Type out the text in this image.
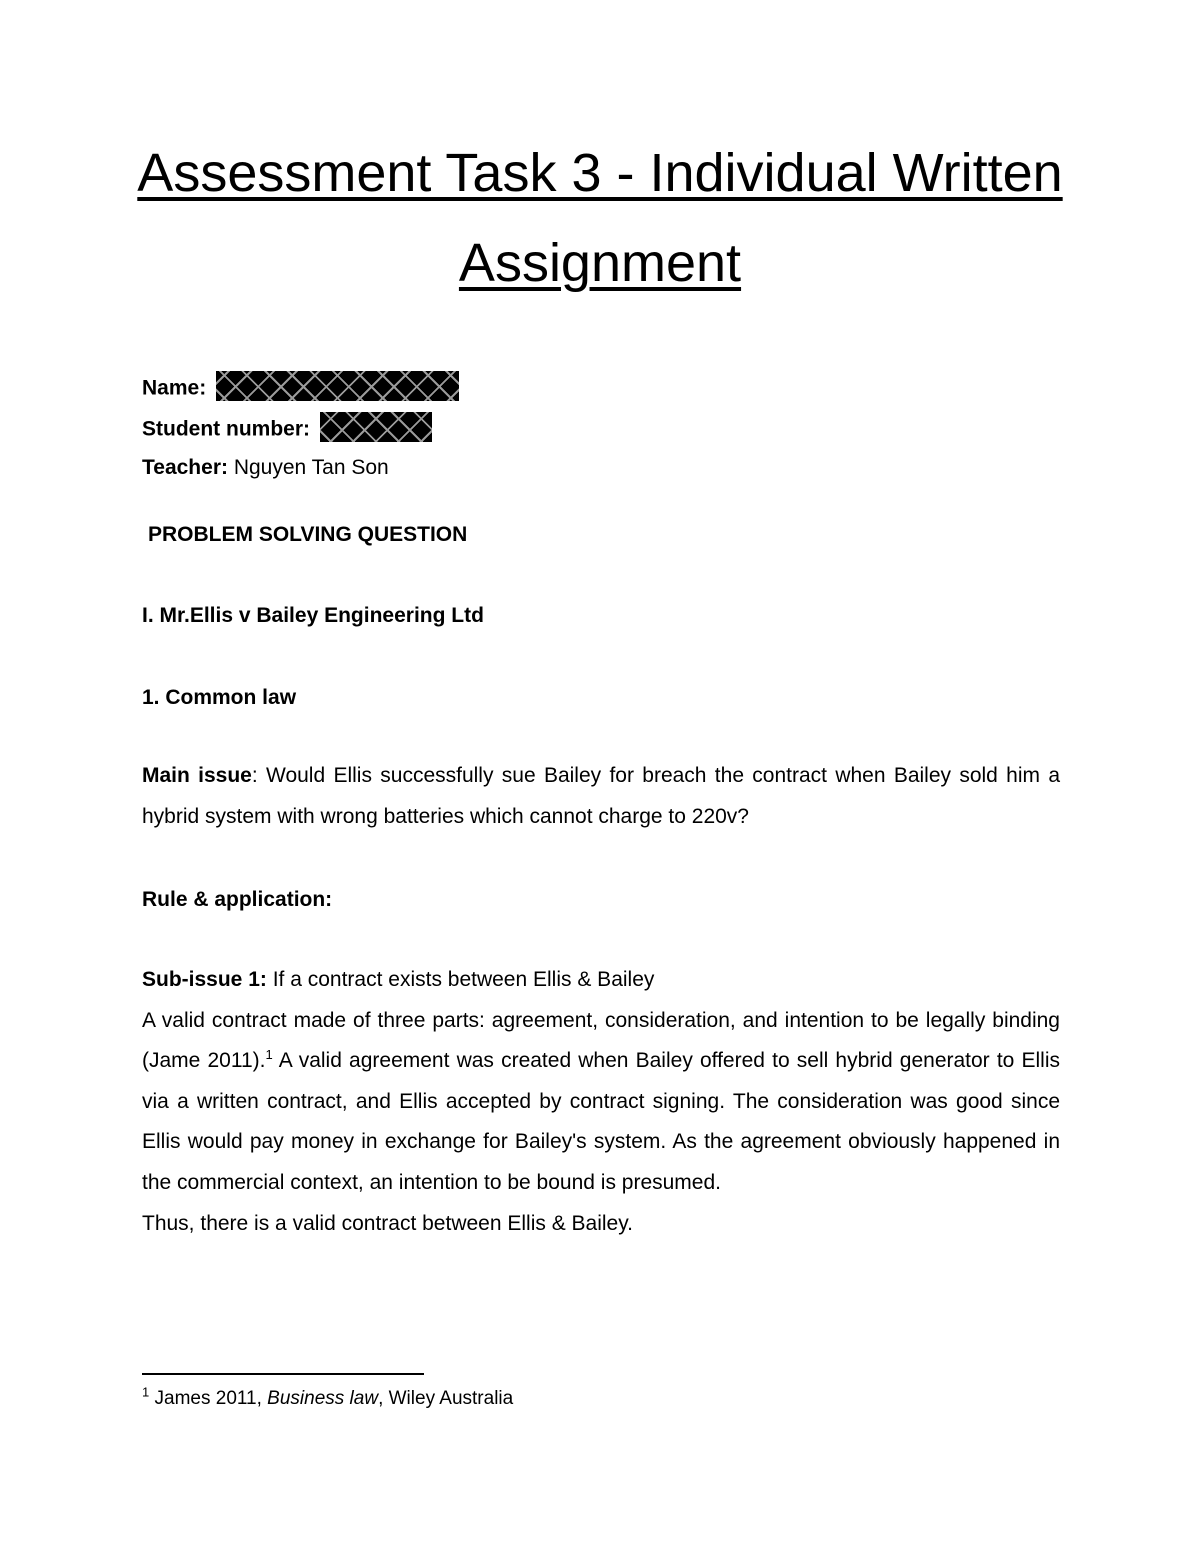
Assessment Task 3 - Individual Written
Assignment
Name:
Student number:
Teacher: Nguyen Tan Son
PROBLEM SOLVING QUESTION
I. Mr.Ellis v Bailey Engineering Ltd
1. Common law

Main issue: Would Ellis successfully sue Bailey for breach the contract when Bailey sold him a hybrid system with wrong batteries which cannot charge to 220v?

Rule & application:

Sub-issue 1: If a contract exists between Ellis & Bailey

A valid contract made of three parts: agreement, consideration, and intention to be legally binding (Jame 2011).$^1$ A valid agreement was created when Bailey offered to sell hybrid generator to Ellis via a written contract, and Ellis accepted by contract signing. The consideration was good since Ellis would pay money in exchange for Bailey's system. As the agreement obviously happened in the commercial context, an intention to be bound is presumed.

Thus, there is a valid contract between Ellis & Bailey.

$^1$ James 2011, Business law, Wiley Australia
